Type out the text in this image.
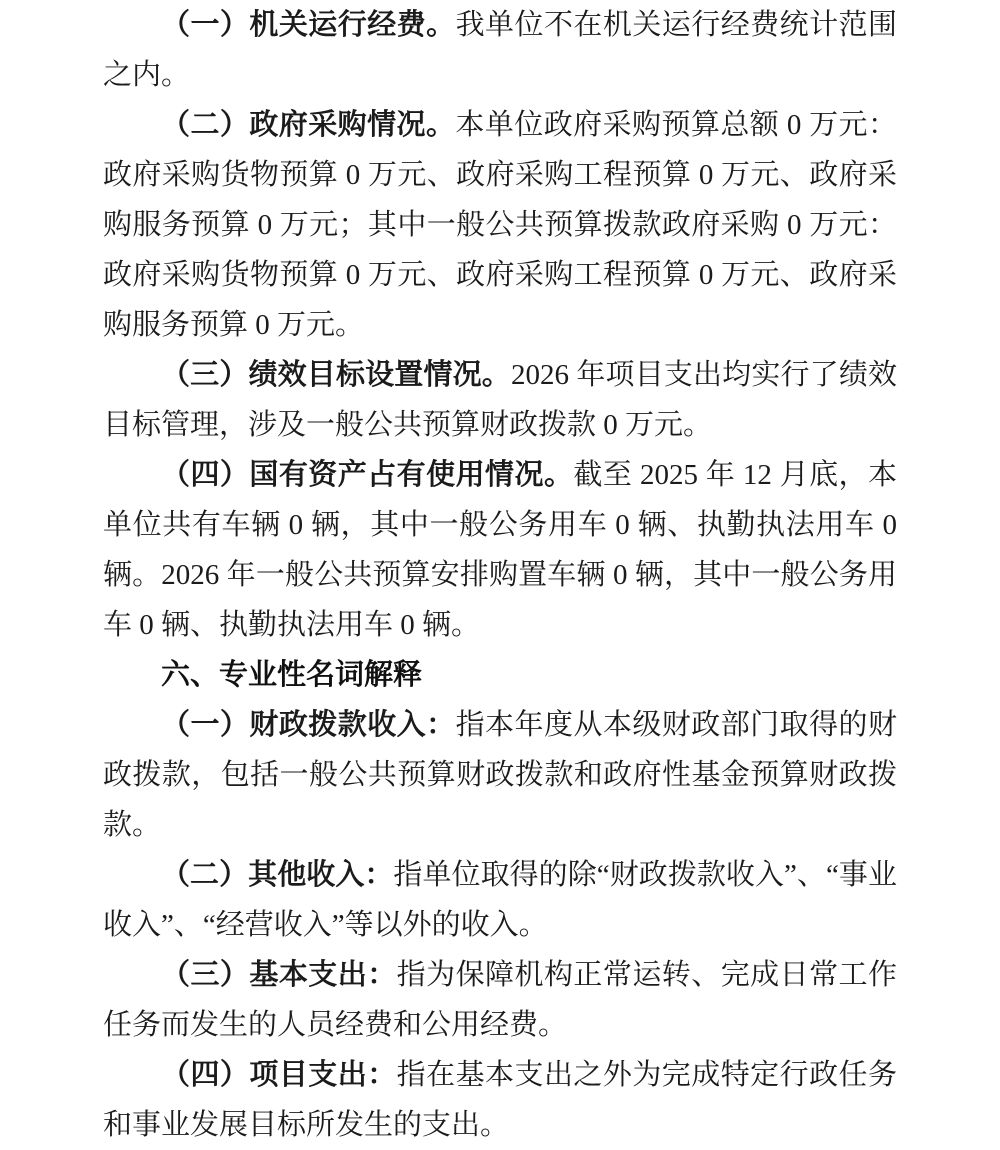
（一）机关运行经费。我单位不在机关运行经费统计范围之内。

（二）政府采购情况。本单位政府采购预算总额 0 万元：政府采购货物预算 0 万元、政府采购工程预算 0 万元、政府采购服务预算 0 万元；其中一般公共预算拨款政府采购 0 万元：政府采购货物预算 0 万元、政府采购工程预算 0 万元、政府采购服务预算 0 万元。

（三）绩效目标设置情况。2026 年项目支出均实行了绩效目标管理，涉及一般公共预算财政拨款 0 万元。

（四）国有资产占有使用情况。截至 2025 年 12 月底，本单位共有车辆 0 辆，其中一般公务用车 0 辆、执勤执法用车 0 辆。2026 年一般公共预算安排购置车辆 0 辆，其中一般公务用车 0 辆、执勤执法用车 0 辆。

六、专业性名词解释

（一）财政拨款收入：指本年度从本级财政部门取得的财政拨款，包括一般公共预算财政拨款和政府性基金预算财政拨款。

（二）其他收入：指单位取得的除“财政拨款收入”、“事业收入”、“经营收入”等以外的收入。

（三）基本支出：指为保障机构正常运转、完成日常工作任务而发生的人员经费和公用经费。

（四）项目支出：指在基本支出之外为完成特定行政任务和事业发展目标所发生的支出。
